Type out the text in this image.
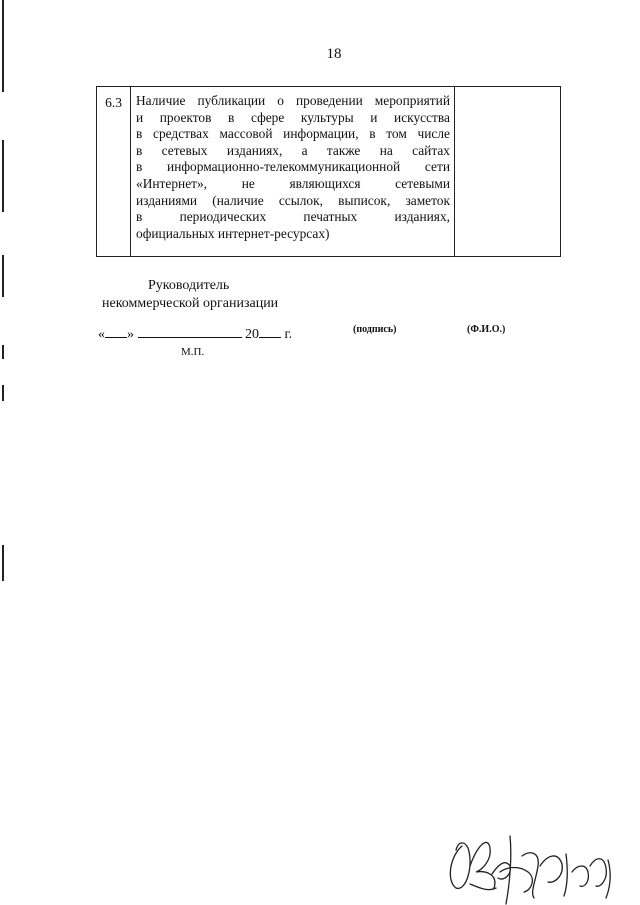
18
6.3	Наличие публикации о проведении мероприятий
и проектов в сфере культуры и искусства
в средствах массовой информации, в том числе
в сетевых изданиях, а также на сайтах
в информационно-телекоммуникационной сети
«Интернет», не являющихся сетевыми
изданиями (наличие ссылок, выписок, заметок
в периодических печатных изданиях,
официальных интернет-ресурсах)

Руководитель
некоммерческой организации
« »	20 г.	(подпись)	(Ф.И.О.)
М.П.
